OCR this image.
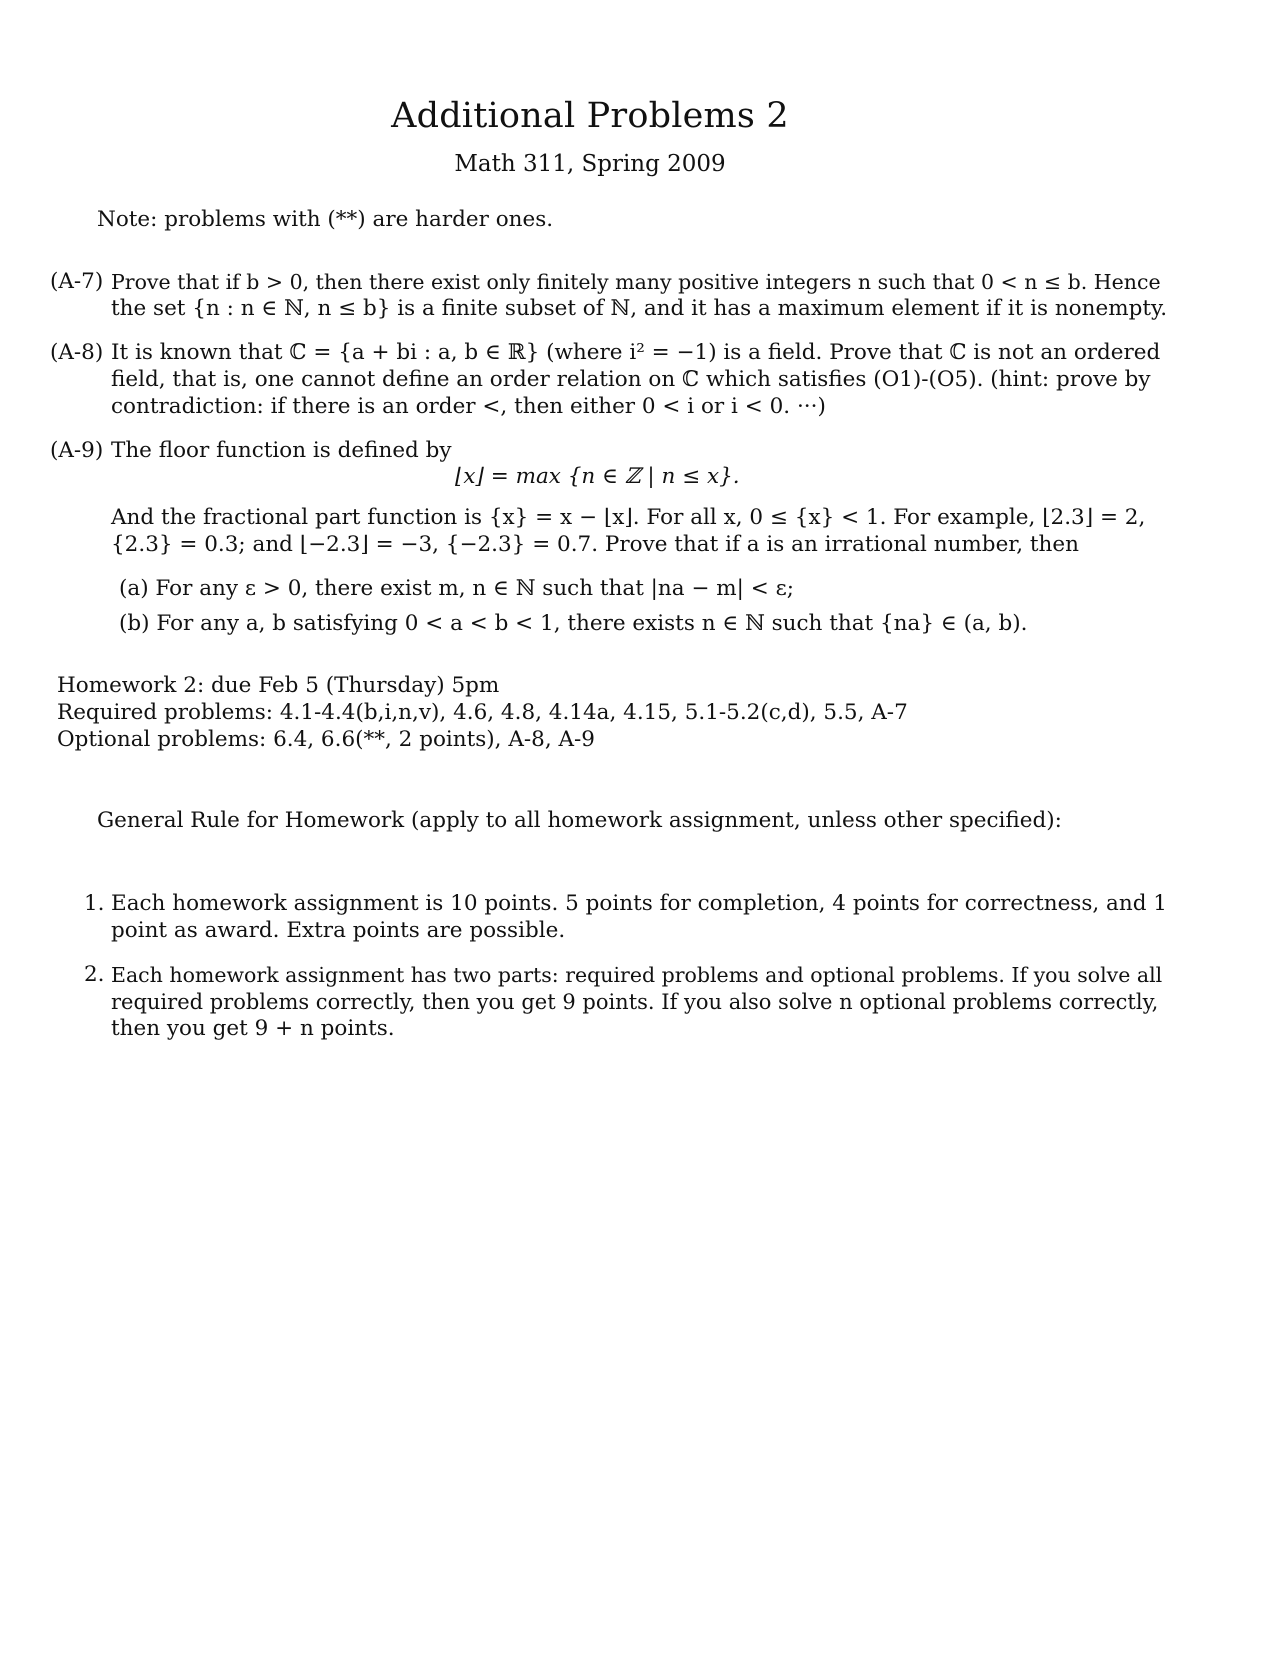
Additional Problems 2
Math 311, Spring 2009
Note: problems with (**) are harder ones.
(A-7) Prove that if b > 0, then there exist only finitely many positive integers n such that 0 < n ≤ b. Hence
the set {n : n ∈ ℕ, n ≤ b} is a finite subset of ℕ, and it has a maximum element if it is nonempty.
(A-8) It is known that ℂ = {a + bi : a, b ∈ ℝ} (where i² = −1) is a field. Prove that ℂ is not an ordered
field, that is, one cannot define an order relation on ℂ which satisfies (O1)-(O5). (hint: prove by
contradiction: if there is an order <, then either 0 < i or i < 0. ···)
(A-9) The floor function is defined by
⌊x⌋ = max {n ∈ ℤ | n ≤ x}.
And the fractional part function is {x} = x − ⌊x⌋. For all x, 0 ≤ {x} < 1. For example, ⌊2.3⌋ = 2,
{2.3} = 0.3; and ⌊−2.3⌋ = −3, {−2.3} = 0.7. Prove that if a is an irrational number, then
(a) For any ε > 0, there exist m, n ∈ ℕ such that |na − m| < ε;
(b) For any a, b satisfying 0 < a < b < 1, there exists n ∈ ℕ such that {na} ∈ (a, b).
Homework 2: due Feb 5 (Thursday) 5pm
Required problems: 4.1-4.4(b,i,n,v), 4.6, 4.8, 4.14a, 4.15, 5.1-5.2(c,d), 5.5, A-7
Optional problems: 6.4, 6.6(**, 2 points), A-8, A-9
General Rule for Homework (apply to all homework assignment, unless other specified):
1. Each homework assignment is 10 points. 5 points for completion, 4 points for correctness, and 1
point as award. Extra points are possible.
2. Each homework assignment has two parts: required problems and optional problems. If you solve all
required problems correctly, then you get 9 points. If you also solve n optional problems correctly,
then you get 9 + n points.
